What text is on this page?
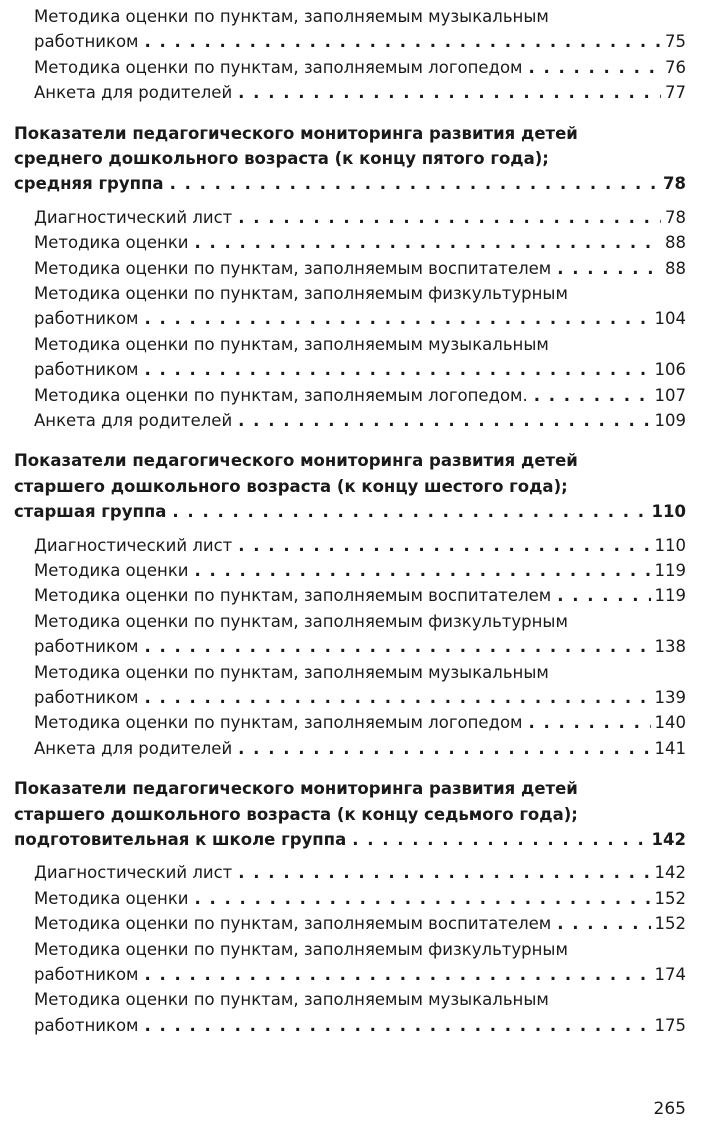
Методика оценки по пунктам, заполняемым музыкальным
работником . . .	75
Методика оценки по пунктам, заполняемым логопедом . . .	76
Анкета для родителей . . .	77
Показатели педагогического мониторинга развития детей
среднего дошкольного возраста (к концу пятого года);
средняя группа . . .	78
Диагностический лист . . .	78
Методика оценки . . .	88
Методика оценки по пунктам, заполняемым воспитателем . . .	88
Методика оценки по пунктам, заполняемым физкультурным
работником . . .	104
Методика оценки по пунктам, заполняемым музыкальным
работником . . .	106
Методика оценки по пунктам, заполняемым логопедом. . . .	107
Анкета для родителей . . .	109
Показатели педагогического мониторинга развития детей
старшего дошкольного возраста (к концу шестого года);
старшая группа . . .	110
Диагностический лист . . .	110
Методика оценки . . .	119
Методика оценки по пунктам, заполняемым воспитателем . . .	119
Методика оценки по пунктам, заполняемым физкультурным
работником . . .	138
Методика оценки по пунктам, заполняемым музыкальным
работником . . .	139
Методика оценки по пунктам, заполняемым логопедом . . .	140
Анкета для родителей . . .	141
Показатели педагогического мониторинга развития детей
старшего дошкольного возраста (к концу седьмого года);
подготовительная к школе группа . . .	142
Диагностический лист . . .	142
Методика оценки . . .	152
Методика оценки по пунктам, заполняемым воспитателем . . .	152
Методика оценки по пунктам, заполняемым физкультурным
работником . . .	174
Методика оценки по пунктам, заполняемым музыкальным
работником . . .	175
265
